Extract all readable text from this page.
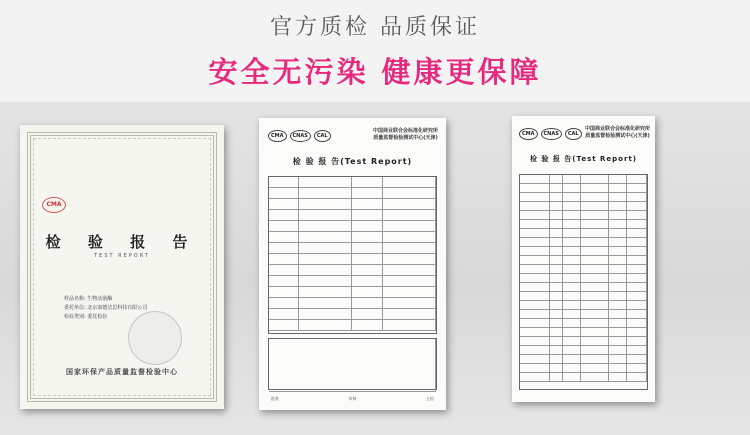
官方质检 品质保证
安全无污染 健康更保障
CMA
检 验 报 告
TEST REPORT
样品名称: 生物活菌酶
委托单位: 北京康德洁思科技有限公司
检验类别: 委托检验
国家环保产品质量监督检验中心
CMA	CNAS	CAL
中国商业联合会标准化研究所
质量监督检验测试中心(天津)
检 验 报 告(Test Report)
批准	审核	主检
CMA	CNAS	CAL
中国商业联合会标准化研究所
质量监督检验测试中心(天津)
检 验 报 告(Test Report)
